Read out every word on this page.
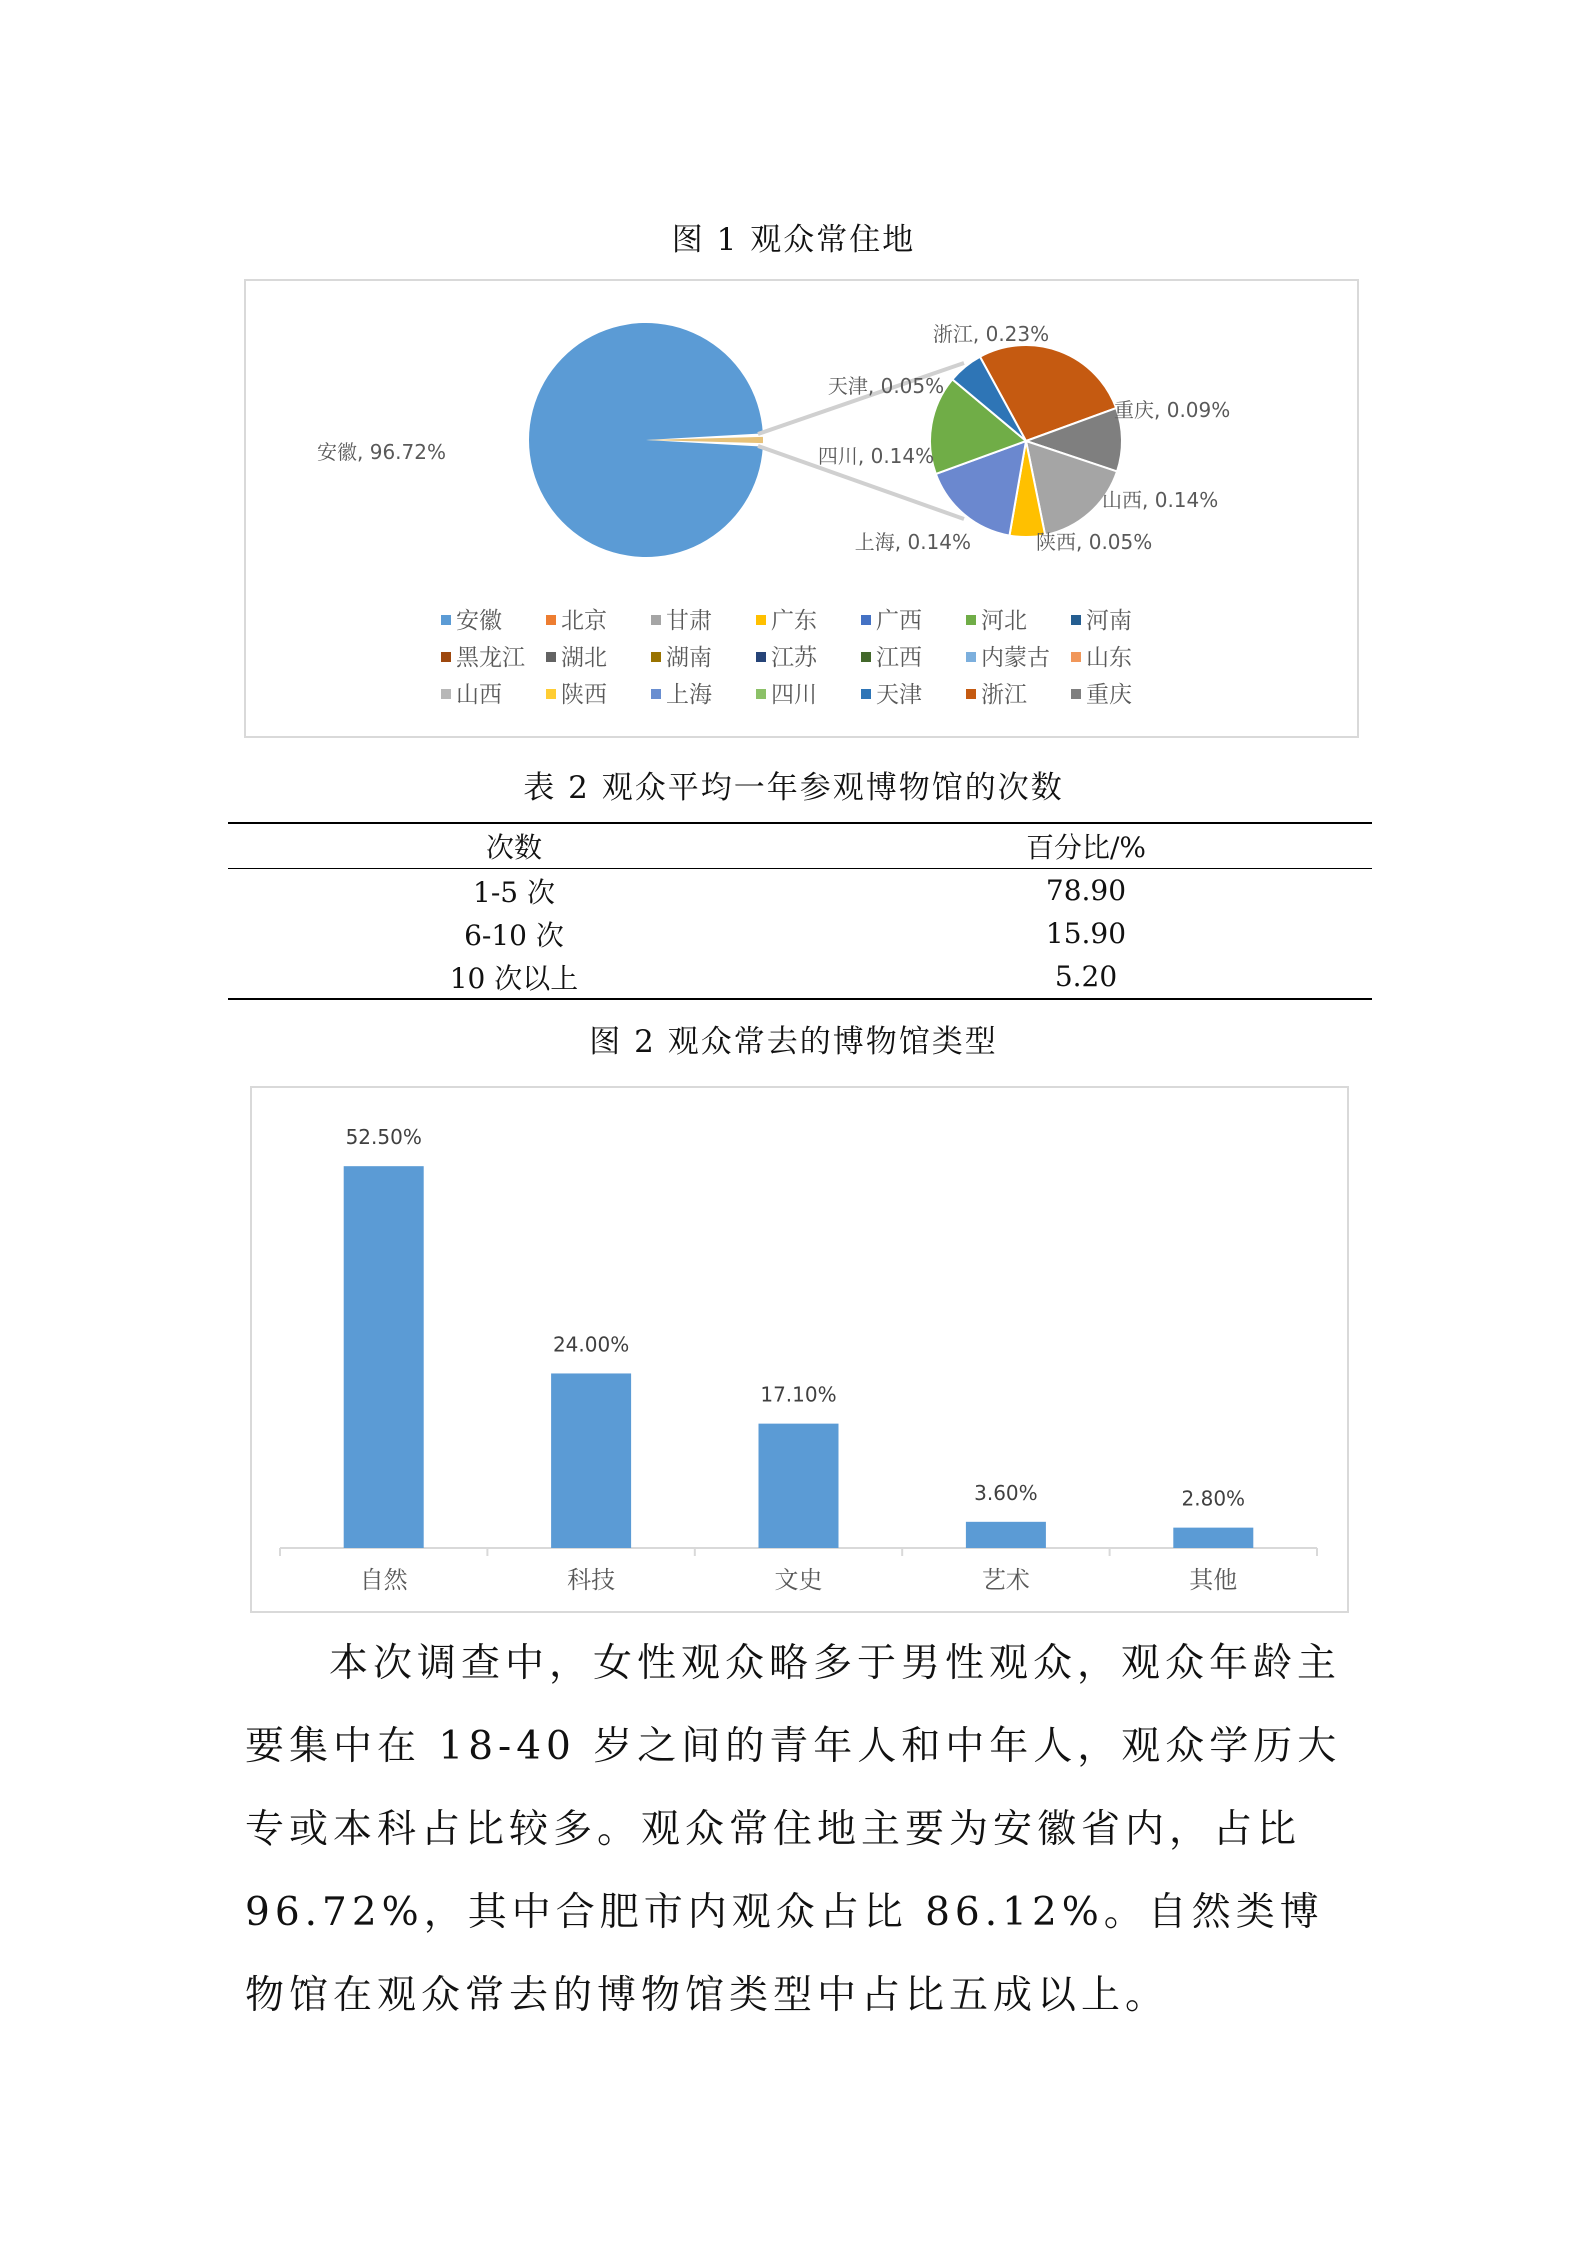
图 1 观众常住地
安徽, 96.72%
浙江, 0.23%
重庆, 0.09%
山西, 0.14%
陕西, 0.05%
上海, 0.14%
四川, 0.14%
天津, 0.05%
安徽	北京	甘肃	广东	广西	河北	河南
黑龙江 湖北	湖南	江苏	江西	内蒙古 山东
山西	陕西	上海	四川	天津	浙江	重庆
表 2 观众平均一年参观博物馆的次数
次数	百分比/%
1-5 次	78.90
6-10 次	15.90
10 次以上	5.20
图 2 观众常去的博物馆类型
52.50%
自然
24.00%
科技
17.10%
文史
3.60%
艺术
2.80%
其他
本次调查中，女性观众略多于男性观众，观众年龄主要集中在 18-40 岁之间的青年人和中年人，观众学历大专或本科占比较多。观众常住地主要为安徽省内，占比 96.72%，其中合肥市内观众占比 86.12%。自然类博物馆在观众常去的博物馆类型中占比五成以上。
